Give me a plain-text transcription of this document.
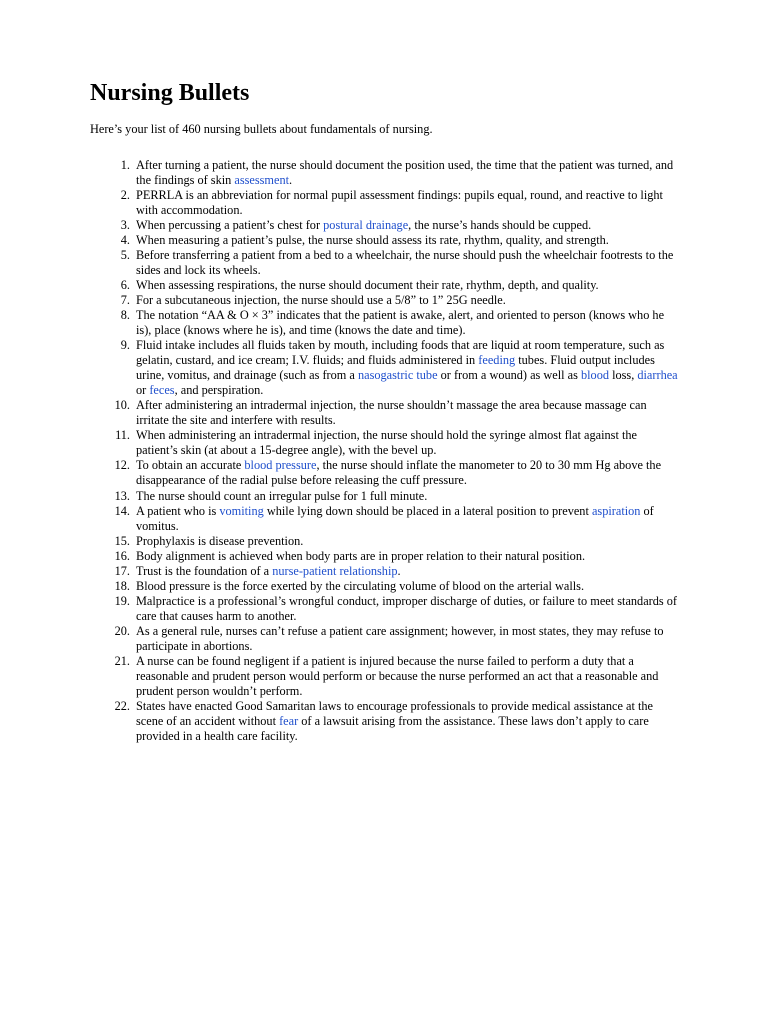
Nursing Bullets

Here’s your list of 460 nursing bullets about fundamentals of nursing.

1. After turning a patient, the nurse should document the position used, the time that the patient was turned, and the findings of skin assessment.
2. PERRLA is an abbreviation for normal pupil assessment findings: pupils equal, round, and reactive to light with accommodation.
3. When percussing a patient’s chest for postural drainage, the nurse’s hands should be cupped.
4. When measuring a patient’s pulse, the nurse should assess its rate, rhythm, quality, and strength.
5. Before transferring a patient from a bed to a wheelchair, the nurse should push the wheelchair footrests to the sides and lock its wheels.
6. When assessing respirations, the nurse should document their rate, rhythm, depth, and quality.
7. For a subcutaneous injection, the nurse should use a 5/8” to 1” 25G needle.
8. The notation “AA & O × 3” indicates that the patient is awake, alert, and oriented to person (knows who he is), place (knows where he is), and time (knows the date and time).
9. Fluid intake includes all fluids taken by mouth, including foods that are liquid at room temperature, such as gelatin, custard, and ice cream; I.V. fluids; and fluids administered in feeding tubes. Fluid output includes urine, vomitus, and drainage (such as from a nasogastric tube or from a wound) as well as blood loss, diarrhea or feces, and perspiration.
10. After administering an intradermal injection, the nurse shouldn’t massage the area because massage can irritate the site and interfere with results.
11. When administering an intradermal injection, the nurse should hold the syringe almost flat against the patient’s skin (at about a 15-degree angle), with the bevel up.
12. To obtain an accurate blood pressure, the nurse should inflate the manometer to 20 to 30 mm Hg above the disappearance of the radial pulse before releasing the cuff pressure.
13. The nurse should count an irregular pulse for 1 full minute.
14. A patient who is vomiting while lying down should be placed in a lateral position to prevent aspiration of vomitus.
15. Prophylaxis is disease prevention.
16. Body alignment is achieved when body parts are in proper relation to their natural position.
17. Trust is the foundation of a nurse-patient relationship.
18. Blood pressure is the force exerted by the circulating volume of blood on the arterial walls.
19. Malpractice is a professional’s wrongful conduct, improper discharge of duties, or failure to meet standards of care that causes harm to another.
20. As a general rule, nurses can’t refuse a patient care assignment; however, in most states, they may refuse to participate in abortions.
21. A nurse can be found negligent if a patient is injured because the nurse failed to perform a duty that a reasonable and prudent person would perform or because the nurse performed an act that a reasonable and prudent person wouldn’t perform.
22. States have enacted Good Samaritan laws to encourage professionals to provide medical assistance at the scene of an accident without fear of a lawsuit arising from the assistance. These laws don’t apply to care provided in a health care facility.
